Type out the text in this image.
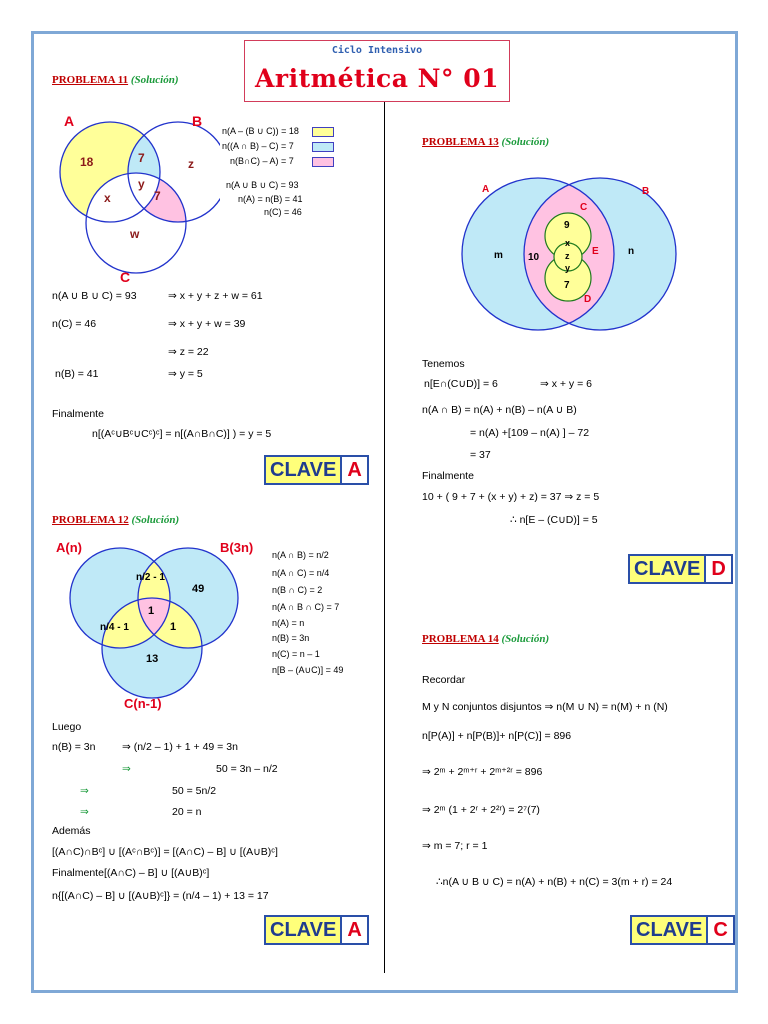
Ciclo Intensivo
Aritmética N° 01
PROBLEMA 11 (Solución)
A	B
C
18	7	z
y
x	7
w
n(A – (B ∪ C)) = 18
n((A ∩ B) – C) = 7
n(B∩C) – A) = 7
n(A ∪ B ∪ C) = 93
n(A) = n(B) = 41
n(C) = 46
n(A ∪ B ∪ C) = 93	⇒ x + y + z + w = 61
n(C) = 46	⇒ x + y + w = 39
⇒ z = 22
n(B) = 41	⇒ y = 5
Finalmente
n[(Aᶜ∪Bᶜ∪Cᶜ)ᶜ] = n[(A∩B∩C)] ) = y = 5
CLAVE A
PROBLEMA 12 (Solución)
A(n)	B(3n)
C(n-1)
n/2 - 1
49
n/4 - 1
1
1
13
n(A ∩ B) = n/2
n(A ∩ C) = n/4
n(B ∩ C) = 2
n(A ∩ B ∩ C) = 7
n(A) = n
n(B) = 3n
n(C) = n – 1
n[B – (A∪C)] = 49
Luego
n(B) = 3n	⇒ (n/2 – 1) + 1 + 49 = 3n
⇒	50 = 3n – n/2
⇒	50 = 5n/2
⇒	20 = n
Además
[(A∩C)∩Bᶜ] ∪ [(Aᶜ∩Bᶜ)] = [(A∩C) – B] ∪ [(A∪B)ᶜ]
Finalmente[(A∩C) – B] ∪ [(A∪B)ᶜ]
n{[(A∩C) – B] ∪ [(A∪B)ᶜ]} = (n/4 – 1) + 13 = 17
CLAVE A
PROBLEMA 13 (Solución)
A	B
C
D
E
m	n
10
9
x
z
y
7
Tenemos
n[E∩(C∪D)] = 6	⇒ x + y = 6
n(A ∩ B) = n(A) + n(B) – n(A ∪ B)
= n(A) +[109 – n(A) ] – 72
= 37
Finalmente
10 + ( 9 + 7 + (x + y) + z) = 37 ⇒ z = 5
∴ n[E – (C∪D)] = 5
CLAVE D
PROBLEMA 14 (Solución)
Recordar
M y N conjuntos disjuntos ⇒ n(M ∪ N) = n(M) + n (N)
n[P(A)] + n[P(B)]+ n[P(C)] = 896
⇒ 2ᵐ + 2ᵐ⁺ʳ + 2ᵐ⁺²ʳ = 896
⇒ 2ᵐ (1 + 2ʳ + 2²ʳ) = 2⁷(7)
⇒ m = 7; r = 1
∴n(A ∪ B ∪ C) = n(A) + n(B) + n(C) = 3(m + r) = 24
CLAVE C
